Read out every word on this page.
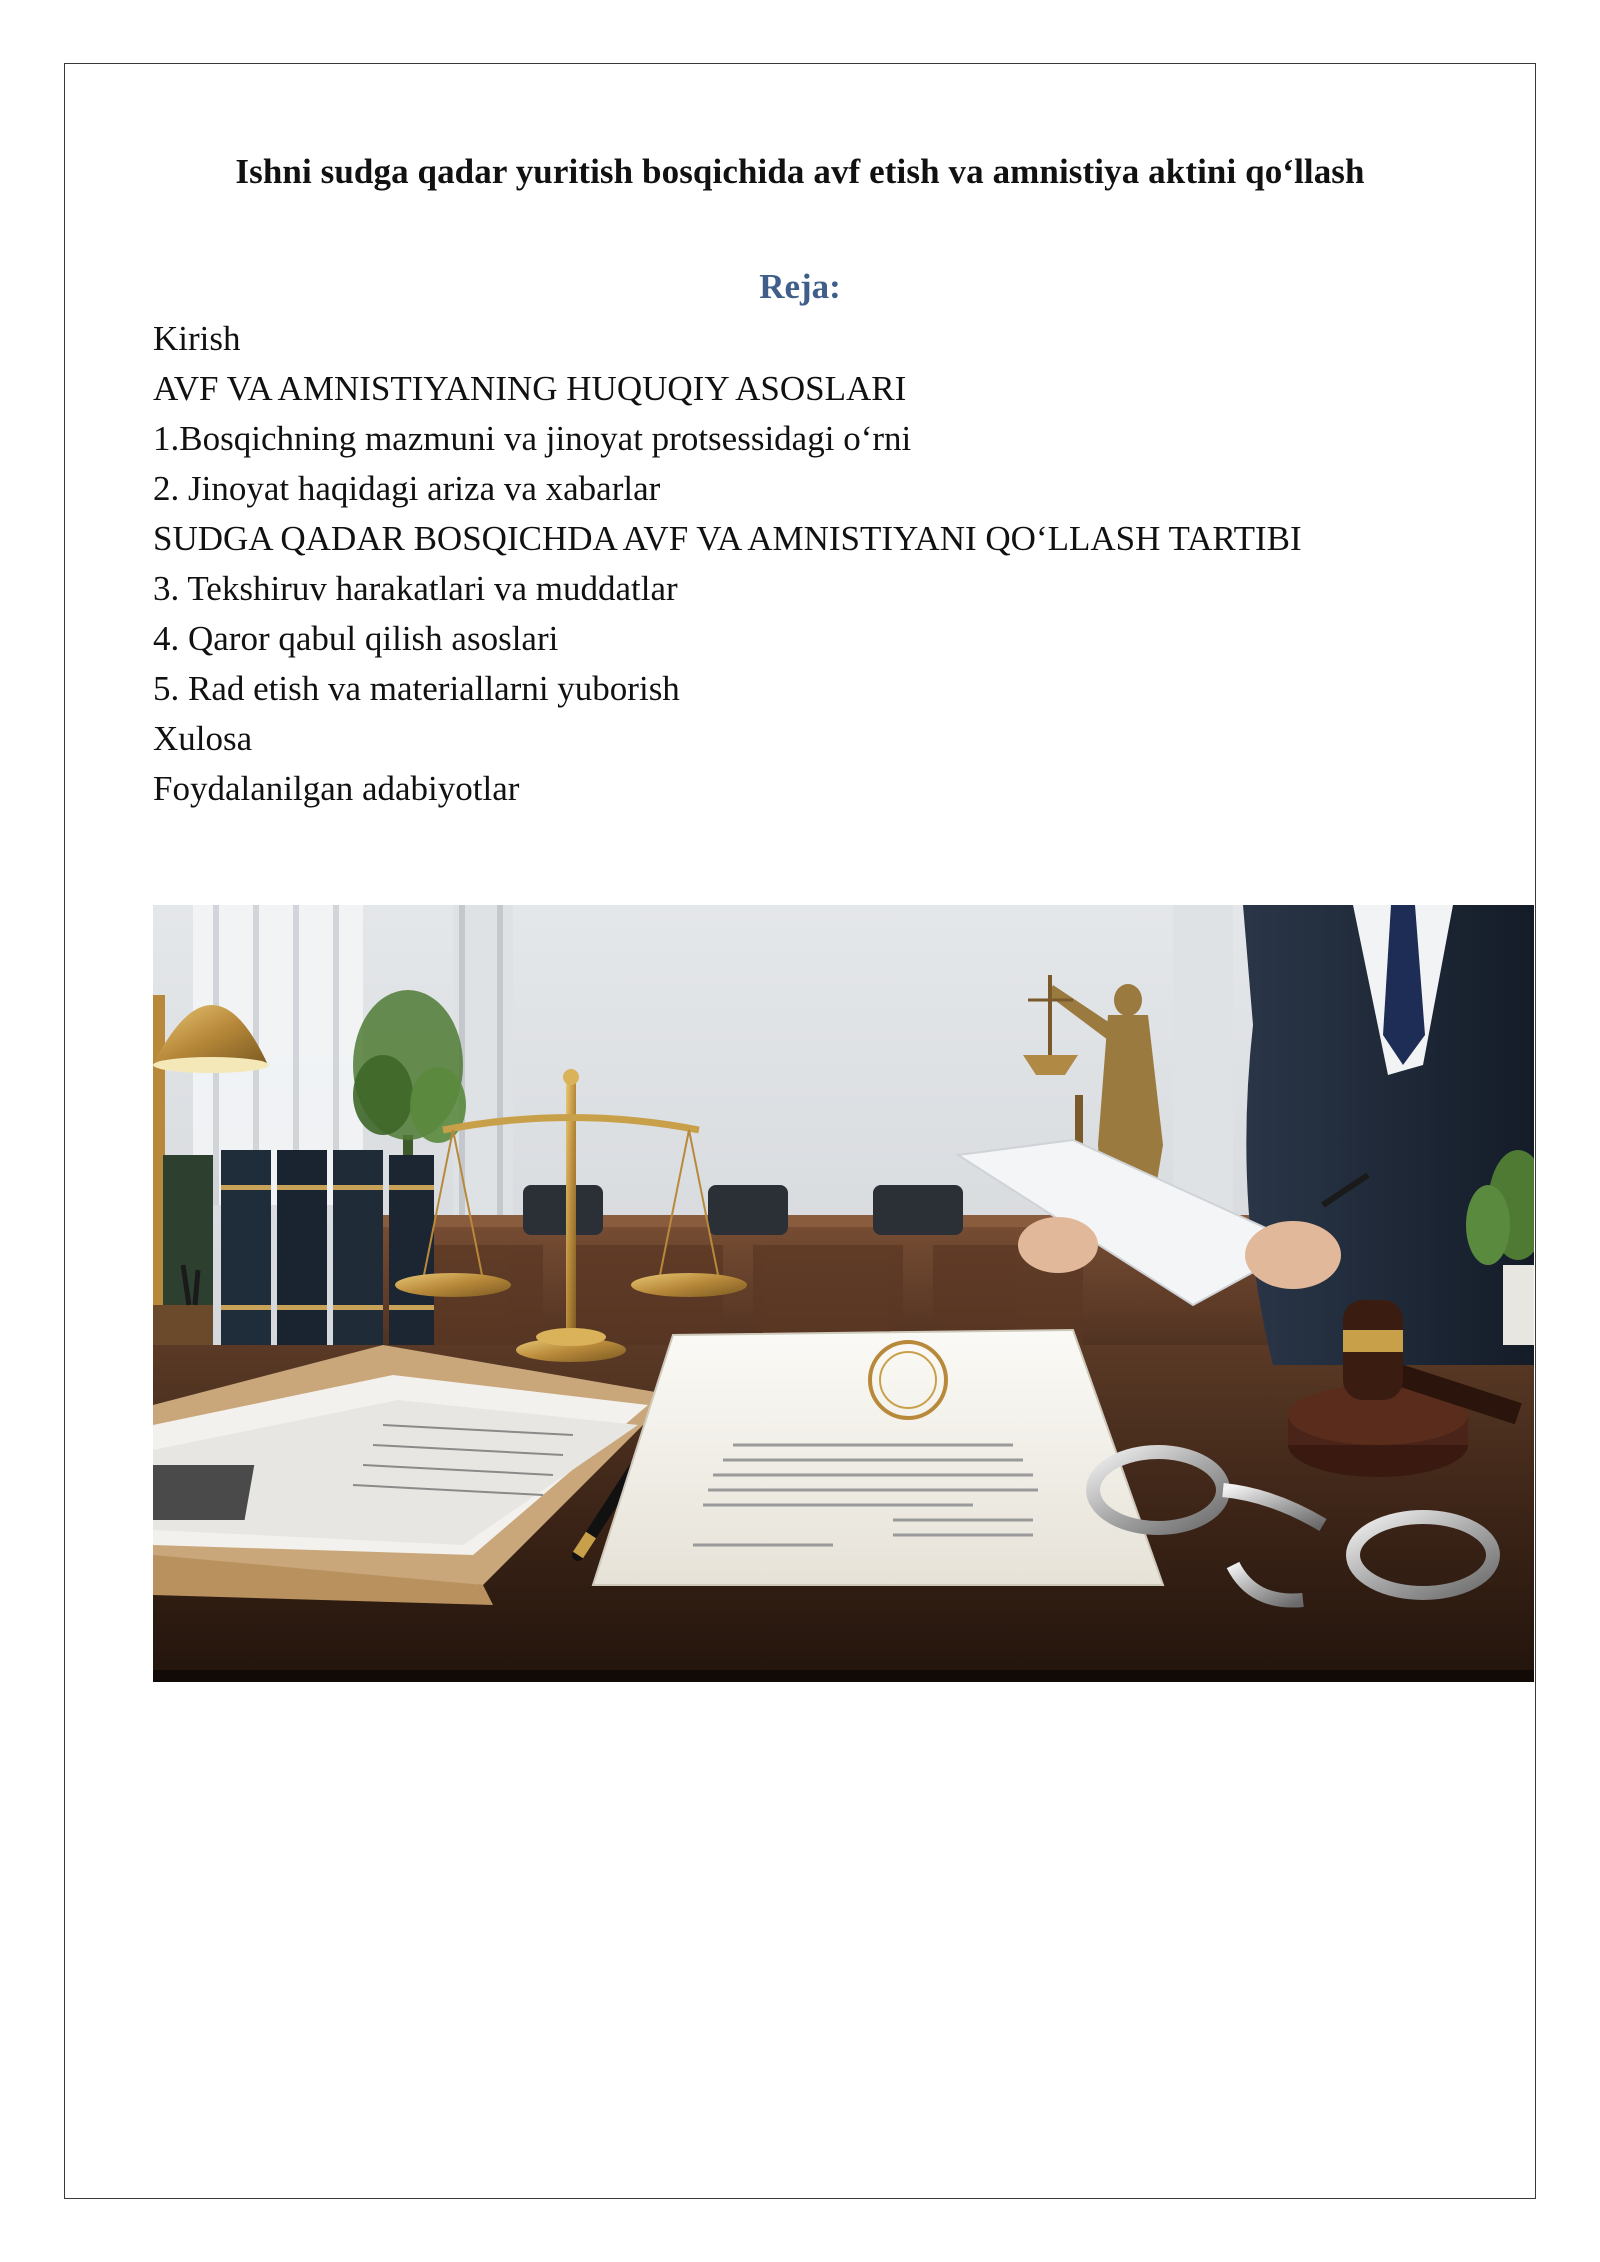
Ishni sudga qadar yuritish bosqichida avf etish va amnistiya aktini qo‘llash
Reja:
Kirish
AVF VA AMNISTIYANING HUQUQIY ASOSLARI
1.Bosqichning mazmuni va jinoyat protsessidagi o‘rni
2. Jinoyat haqidagi ariza va xabarlar
SUDGA QADAR BOSQICHDA AVF VA AMNISTIYANI QO‘LLASH TARTIBI
3. Tekshiruv harakatlari va muddatlar
4. Qaror qabul qilish asoslari
5. Rad etish va materiallarni yuborish
Xulosa
Foydalanilgan adabiyotlar
